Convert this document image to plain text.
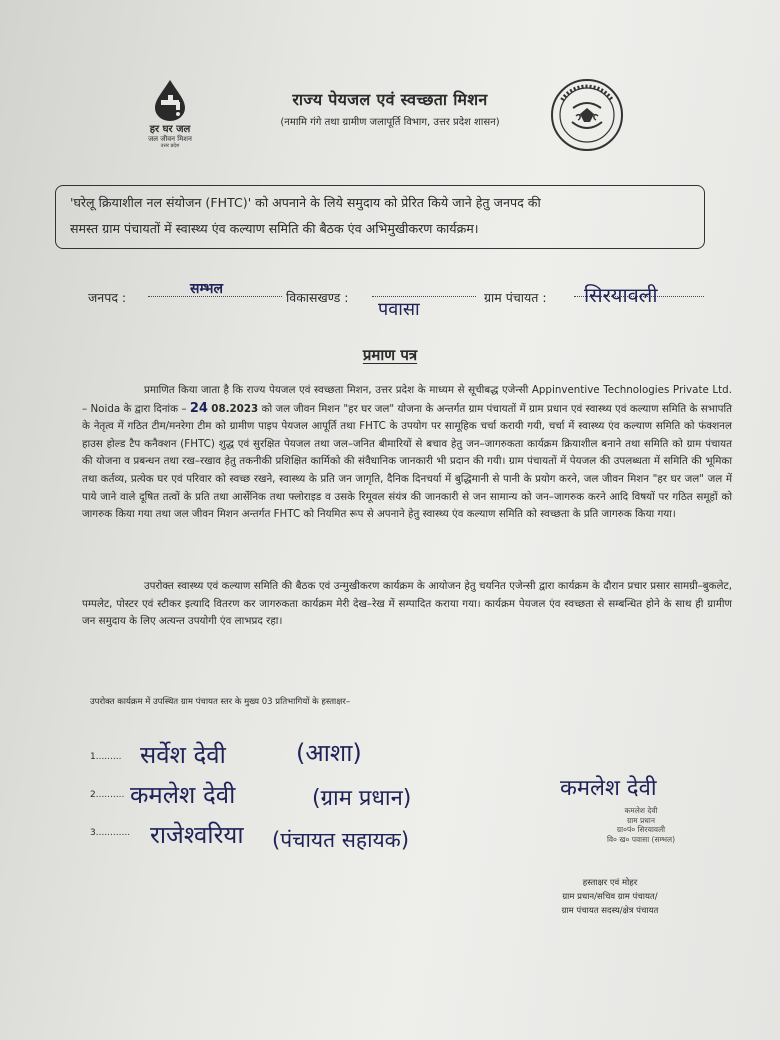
हर घर जल
जल जीवन मिशन
उत्तर प्रदेश
राज्य पेयजल एवं स्वच्छता मिशन
(नमामि गंगे तथा ग्रामीण जलापूर्ति विभाग, उत्तर प्रदेश शासन)
'घरेलू क्रियाशील नल संयोजन (FHTC)' को अपनाने के लिये समुदाय को प्रेरित किये जाने हेतु जनपद की
समस्त ग्राम पंचायतों में स्वास्थ्य एंव कल्याण समिति की बैठक एंव अभिमुखीकरण कार्यक्रम।
जनपद :
सम्भल
विकासखण्ड :
पवासा
ग्राम पंचायत : सिरयावली
प्रमाण पत्र
प्रमाणित किया जाता है कि राज्य पेयजल एवं स्वच्छता मिशन, उत्तर प्रदेश के माध्यम से सूचीबद्ध एजेन्सी Appinventive Technologies Private Ltd. – Noida के द्वारा दिनांक – 24 08.2023 को जल जीवन मिशन "हर घर जल" योजना के अन्तर्गत ग्राम पंचायतों में ग्राम प्रधान एवं स्वास्थ्य एवं कल्याण समिति के सभापति के नेतृत्व में गठित टीम/मनरेगा टीम को ग्रामीण पाइप पेयजल आपूर्ति तथा FHTC के उपयोग पर सामूहिक चर्चा करायी गयी, चर्चा में स्वास्थ्य एंव कल्याण समिति को फंक्शनल हाउस होल्ड टैप कनैक्शन (FHTC) शुद्ध एवं सुरक्षित पेयजल तथा जल–जनित बीमारियों से बचाव हेतु जन–जागरुकता कार्यक्रम क्रियाशील बनाने तथा समिति को ग्राम पंचायत की योजना व प्रबन्धन तथा रख–रखाव हेतु तकनीकी प्रशिक्षित कार्मिको की संवैधानिक जानकारी भी प्रदान की गयी। ग्राम पंचायतों में पेयजल की उपलब्धता में समिति की भूमिका तथा कर्तव्य, प्रत्येक घर एवं परिवार को स्वच्छ रखने, स्वास्थ्य के प्रति जन जागृति, दैनिक दिनचर्या में बुद्धिमानी से पानी के प्रयोग करने, जल जीवन मिशन "हर घर जल" जल में पाये जाने वाले दूषित तत्वों के प्रति तथा आर्सेनिक तथा फ्लोराइड व उसके रिमूवल संयंत्र की जानकारी से जन सामान्य को जन–जागरुक करने आदि विषयों पर गठित समूहों को जागरुक किया गया तथा जल जीवन मिशन अन्तर्गत FHTC को नियमित रूप से अपनाने हेतु स्वास्थ्य एंव कल्याण समिति को स्वच्छता के प्रति जागरुक किया गया।
उपरोक्त स्वास्थ्य एवं कल्याण समिति की बैठक एवं उन्मुखीकरण कार्यक्रम के आयोजन हेतु चयनित एजेन्सी द्वारा कार्यक्रम के दौरान प्रचार प्रसार सामग्री–बुकलेट, पम्पलेट, पोस्टर एवं स्टीकर इत्यादि वितरण कर जागरुकता कार्यक्रम मेरी देख–रेख में सम्पादित कराया गया। कार्यक्रम पेयजल एंव स्वच्छता से सम्बन्धित होने के साथ ही ग्रामीण जन समुदाय के लिए अत्यन्त उपयोगी एंव लाभप्रद रहा।
उपरोक्त कार्यक्रम में उपस्थित ग्राम पंचायत स्तर के मुख्य 03 प्रतिभागियों के हस्ताक्षर–
1......... सर्वेश देवी	(आशा)
2.......... कमलेश देवी	(ग्राम प्रधान)
3............ राजेश्वरिया (पंचायत सहायक)
कमलेश देवी
कमलेश देवी
ग्राम प्रधान
ग्रा०पं० सिरयावली
वि० ख० पवासा (सम्भल)
हस्ताक्षर एवं मोहर
ग्राम प्रधान/सचिव ग्राम पंचायत/
ग्राम पंचायत सदस्य/क्षेत्र पंचायत
